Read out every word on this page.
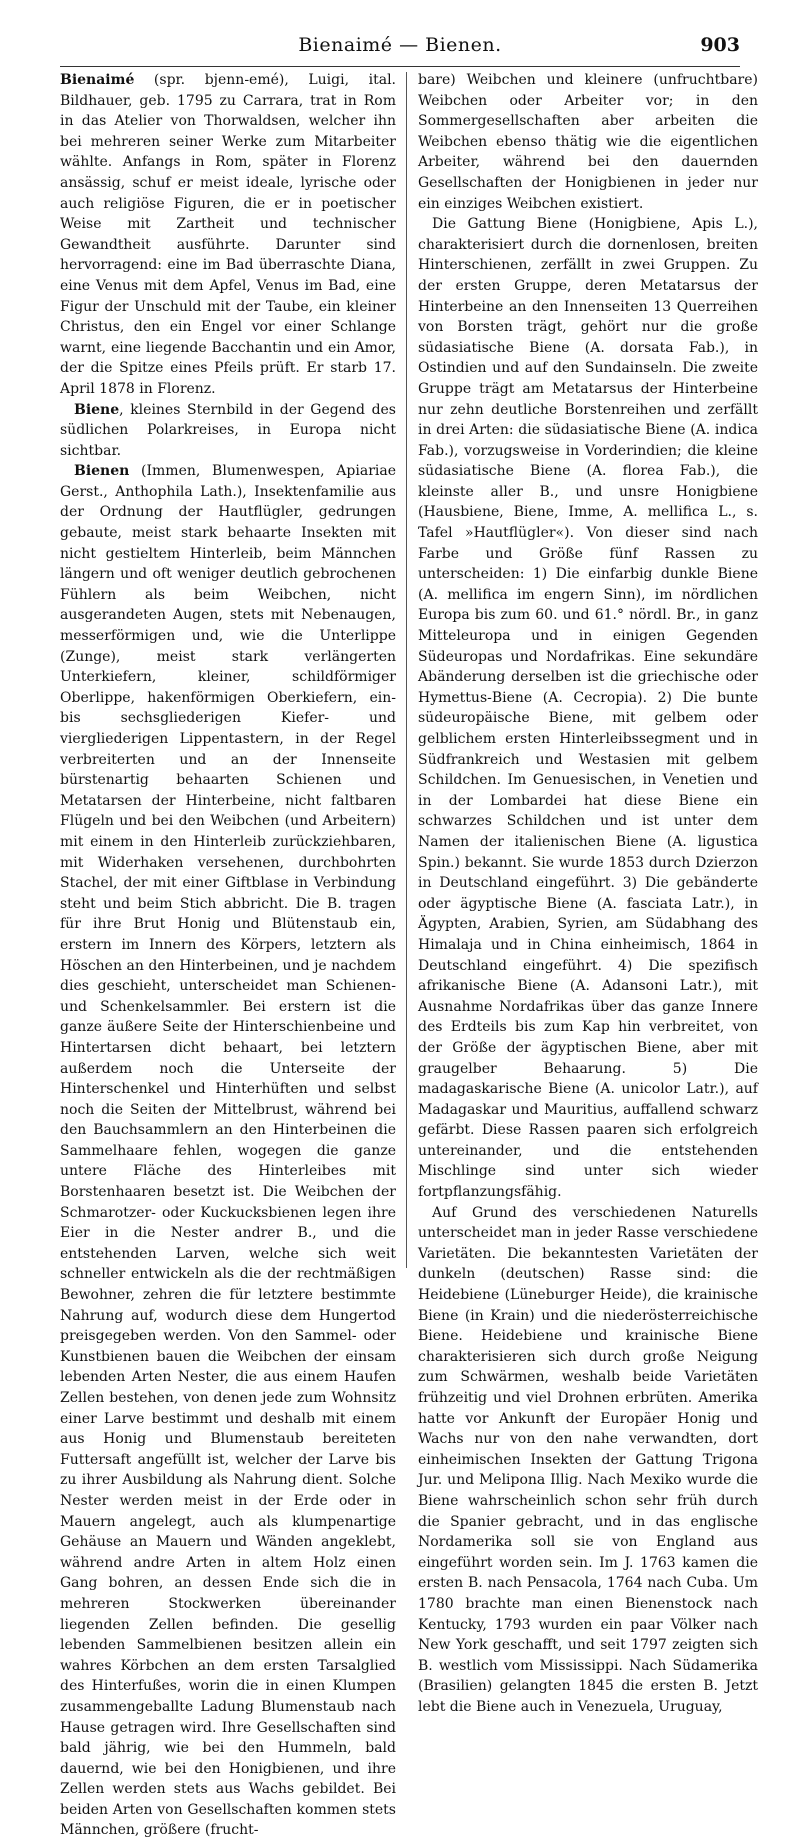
Bienaimé — Bienen.	903

Bienaimé (spr. bjenn-emé), Luigi, ital. Bildhauer, geb. 1795 zu Carrara, trat in Rom in das Atelier von Thorwaldsen, welcher ihn bei mehreren seiner Werke zum Mitarbeiter wählte. Anfangs in Rom, später in Florenz ansässig, schuf er meist ideale, lyrische oder auch religiöse Figuren, die er in poetischer Weise mit Zartheit und technischer Gewandtheit ausführte. Darunter sind hervorragend: eine im Bad überraschte Diana, eine Venus mit dem Apfel, Venus im Bad, eine Figur der Unschuld mit der Taube, ein kleiner Christus, den ein Engel vor einer Schlange warnt, eine liegende Bacchantin und ein Amor, der die Spitze eines Pfeils prüft. Er starb 17. April 1878 in Florenz.

Biene, kleines Sternbild in der Gegend des südlichen Polarkreises, in Europa nicht sichtbar.

Bienen (Immen, Blumenwespen, Apiariae Gerst., Anthophila Lath.), Insektenfamilie aus der Ordnung der Hautflügler, gedrungen gebaute, meist stark behaarte Insekten mit nicht gestieltem Hinterleib, beim Männchen längern und oft weniger deutlich gebrochenen Fühlern als beim Weibchen, nicht ausgerandeten Augen, stets mit Nebenaugen, messerförmigen und, wie die Unterlippe (Zunge), meist stark verlängerten Unterkiefern, kleiner, schildförmiger Oberlippe, hakenförmigen Oberkiefern, ein- bis sechsgliederigen Kiefer- und viergliederigen Lippentastern, in der Regel verbreiterten und an der Innenseite bürstenartig behaarten Schienen und Metatarsen der Hinterbeine, nicht faltbaren Flügeln und bei den Weibchen (und Arbeitern) mit einem in den Hinterleib zurückziehbaren, mit Widerhaken versehenen, durchbohrten Stachel, der mit einer Giftblase in Verbindung steht und beim Stich abbricht. Die B. tragen für ihre Brut Honig und Blütenstaub ein, erstern im Innern des Körpers, letztern als Höschen an den Hinterbeinen, und je nachdem dies geschieht, unterscheidet man Schienen- und Schenkelsammler. Bei erstern ist die ganze äußere Seite der Hinterschienbeine und Hintertarsen dicht behaart, bei letztern außerdem noch die Unterseite der Hinterschenkel und Hinterhüften und selbst noch die Seiten der Mittelbrust, während bei den Bauchsammlern an den Hinterbeinen die Sammelhaare fehlen, wogegen die ganze untere Fläche des Hinterleibes mit Borstenhaaren besetzt ist. Die Weibchen der Schmarotzer- oder Kuckucksbienen legen ihre Eier in die Nester andrer B., und die entstehenden Larven, welche sich weit schneller entwickeln als die der rechtmäßigen Bewohner, zehren die für letztere bestimmte Nahrung auf, wodurch diese dem Hungertod preisgegeben werden. Von den Sammel- oder Kunstbienen bauen die Weibchen der einsam lebenden Arten Nester, die aus einem Haufen Zellen bestehen, von denen jede zum Wohnsitz einer Larve bestimmt und deshalb mit einem aus Honig und Blumenstaub bereiteten Futtersaft angefüllt ist, welcher der Larve bis zu ihrer Ausbildung als Nahrung dient. Solche Nester werden meist in der Erde oder in Mauern angelegt, auch als klumpenartige Gehäuse an Mauern und Wänden angeklebt, während andre Arten in altem Holz einen Gang bohren, an dessen Ende sich die in mehreren Stockwerken übereinander liegenden Zellen befinden. Die gesellig lebenden Sammelbienen besitzen allein ein wahres Körbchen an dem ersten Tarsalglied des Hinterfußes, worin die in einen Klumpen zusammengeballte Ladung Blumenstaub nach Hause getragen wird. Ihre Gesellschaften sind bald jährig, wie bei den Hummeln, bald dauernd, wie bei den Honigbienen, und ihre Zellen werden stets aus Wachs gebildet. Bei beiden Arten von Gesellschaften kommen stets Männchen, größere (frucht-

bare) Weibchen und kleinere (unfruchtbare) Weibchen oder Arbeiter vor; in den Sommergesellschaften aber arbeiten die Weibchen ebenso thätig wie die eigentlichen Arbeiter, während bei den dauernden Gesellschaften der Honigbienen in jeder nur ein einziges Weibchen existiert.

Die Gattung Biene (Honigbiene, Apis L.), charakterisiert durch die dornenlosen, breiten Hinterschienen, zerfällt in zwei Gruppen. Zu der ersten Gruppe, deren Metatarsus der Hinterbeine an den Innenseiten 13 Querreihen von Borsten trägt, gehört nur die große südasiatische Biene (A. dorsata Fab.), in Ostindien und auf den Sundainseln. Die zweite Gruppe trägt am Metatarsus der Hinterbeine nur zehn deutliche Borstenreihen und zerfällt in drei Arten: die südasiatische Biene (A. indica Fab.), vorzugsweise in Vorderindien; die kleine südasiatische Biene (A. florea Fab.), die kleinste aller B., und unsre Honigbiene (Hausbiene, Biene, Imme, A. mellifica L., s. Tafel »Hautflügler«). Von dieser sind nach Farbe und Größe fünf Rassen zu unterscheiden: 1) Die einfarbig dunkle Biene (A. mellifica im engern Sinn), im nördlichen Europa bis zum 60. und 61.° nördl. Br., in ganz Mitteleuropa und in einigen Gegenden Südeuropas und Nordafrikas. Eine sekundäre Abänderung derselben ist die griechische oder Hymettus-Biene (A. Cecropia). 2) Die bunte südeuropäische Biene, mit gelbem oder gelblichem ersten Hinterleibssegment und in Südfrankreich und Westasien mit gelbem Schildchen. Im Genuesischen, in Venetien und in der Lombardei hat diese Biene ein schwarzes Schildchen und ist unter dem Namen der italienischen Biene (A. ligustica Spin.) bekannt. Sie wurde 1853 durch Dzierzon in Deutschland eingeführt. 3) Die gebänderte oder ägyptische Biene (A. fasciata Latr.), in Ägypten, Arabien, Syrien, am Südabhang des Himalaja und in China einheimisch, 1864 in Deutschland eingeführt. 4) Die spezifisch afrikanische Biene (A. Adansoni Latr.), mit Ausnahme Nordafrikas über das ganze Innere des Erdteils bis zum Kap hin verbreitet, von der Größe der ägyptischen Biene, aber mit graugelber Behaarung. 5) Die madagaskarische Biene (A. unicolor Latr.), auf Madagaskar und Mauritius, auffallend schwarz gefärbt. Diese Rassen paaren sich erfolgreich untereinander, und die entstehenden Mischlinge sind unter sich wieder fortpflanzungsfähig.

Auf Grund des verschiedenen Naturells unterscheidet man in jeder Rasse verschiedene Varietäten. Die bekanntesten Varietäten der dunkeln (deutschen) Rasse sind: die Heidebiene (Lüneburger Heide), die krainische Biene (in Krain) und die niederösterreichische Biene. Heidebiene und krainische Biene charakterisieren sich durch große Neigung zum Schwärmen, weshalb beide Varietäten frühzeitig und viel Drohnen erbrüten. Amerika hatte vor Ankunft der Europäer Honig und Wachs nur von den nahe verwandten, dort einheimischen Insekten der Gattung Trigona Jur. und Melipona Illig. Nach Mexiko wurde die Biene wahrscheinlich schon sehr früh durch die Spanier gebracht, und in das englische Nordamerika soll sie von England aus eingeführt worden sein. Im J. 1763 kamen die ersten B. nach Pensacola, 1764 nach Cuba. Um 1780 brachte man einen Bienenstock nach Kentucky, 1793 wurden ein paar Völker nach New York geschafft, und seit 1797 zeigten sich B. westlich vom Mississippi. Nach Südamerika (Brasilien) gelangten 1845 die ersten B. Jetzt lebt die Biene auch in Venezuela, Uruguay,
